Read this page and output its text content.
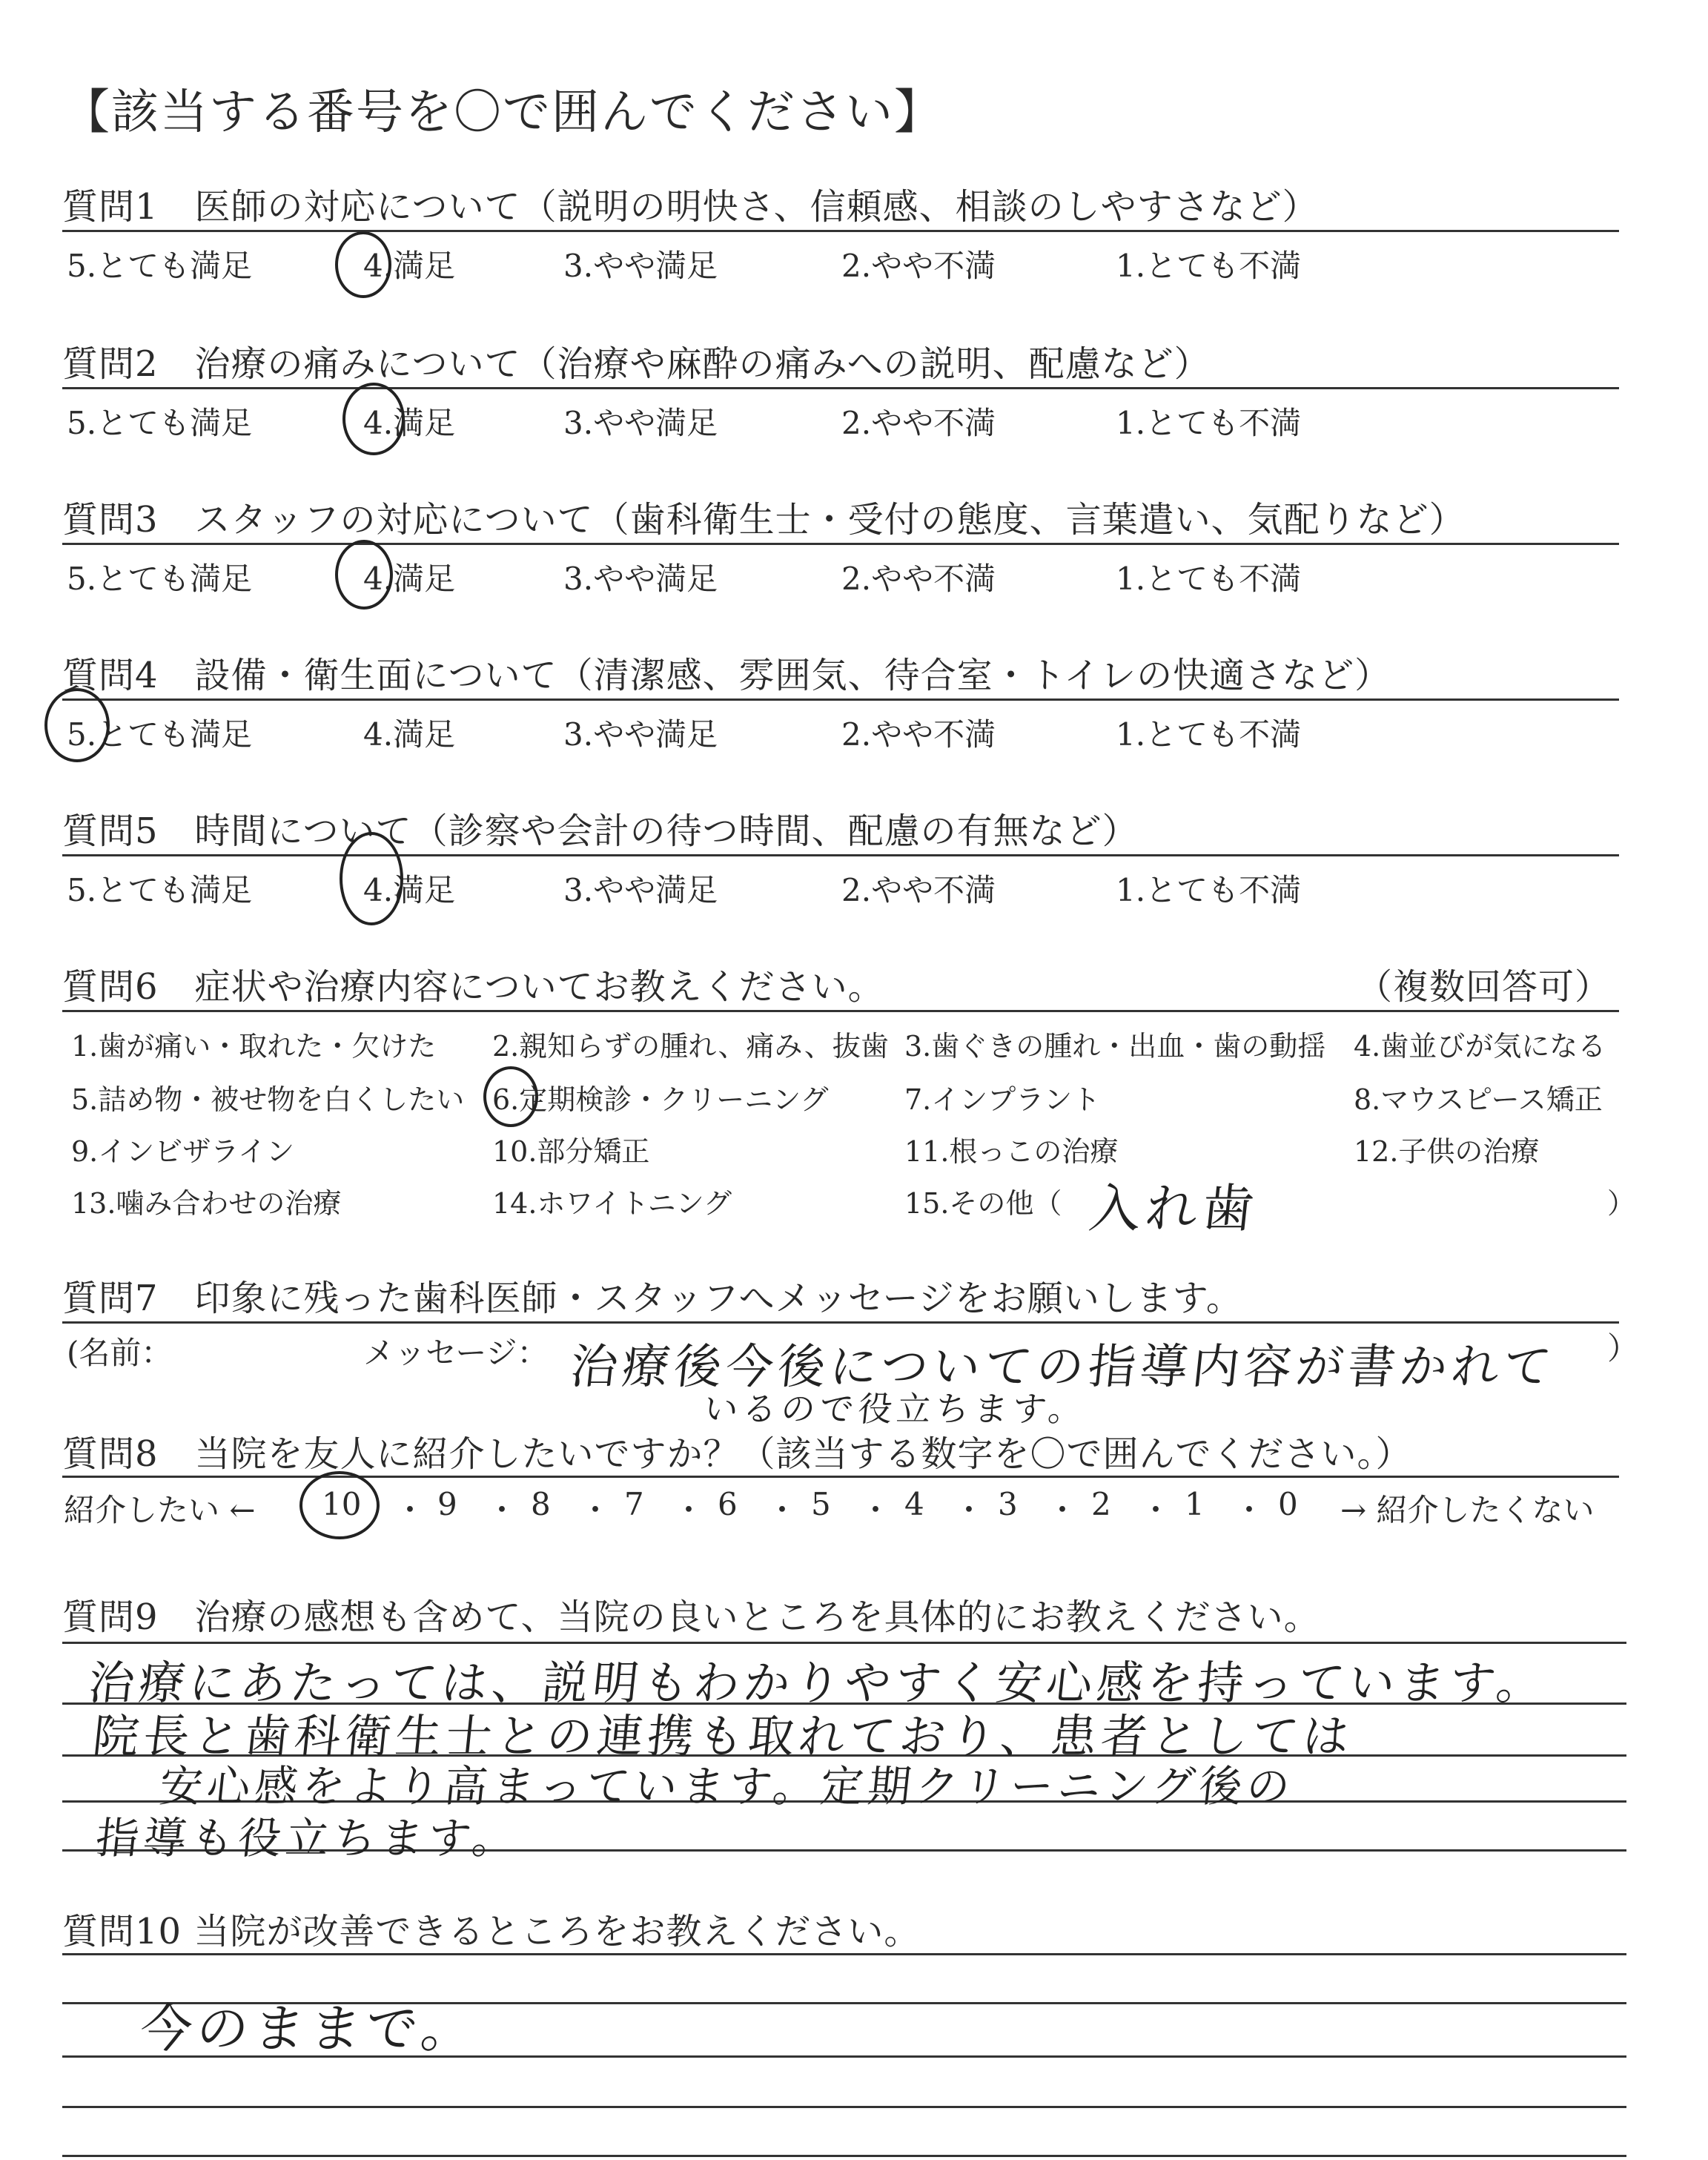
【該当する番号を〇で囲んでください】
質問1　医師の対応について（説明の明快さ、信頼感、相談のしやすさなど）
5.とても満足	4.満足	3.やや満足	2.やや不満	1.とても不満
質問2　治療の痛みについて（治療や麻酔の痛みへの説明、配慮など）
5.とても満足	4.満足	3.やや満足	2.やや不満	1.とても不満
質問3　スタッフの対応について（歯科衛生士・受付の態度、言葉遣い、気配りなど）
5.とても満足	4.満足	3.やや満足	2.やや不満	1.とても不満
質問4　設備・衛生面について（清潔感、雰囲気、待合室・トイレの快適さなど）
5.とても満足	4.満足	3.やや満足	2.やや不満	1.とても不満
質問5　時間について（診察や会計の待つ時間、配慮の有無など）
5.とても満足	4.満足	3.やや満足	2.やや不満	1.とても不満
質問6　症状や治療内容についてお教えください。	（複数回答可）
1.歯が痛い・取れた・欠けた 2.親知らずの腫れ、痛み、抜歯 3.歯ぐきの腫れ・出血・歯の動揺 4.歯並びが気になる
5.詰め物・被せ物を白くしたい 6.定期検診・クリーニング	7.インプラント	8.マウスピース矯正
9.インビザライン	10.部分矯正	11.根っこの治療	12.子供の治療
13.噛み合わせの治療	14.ホワイトニング	15.その他（	）
入れ歯
質問7　印象に残った歯科医師・スタッフへメッセージをお願いします。
(名前：	メッセージ：	）
治療後今後についての指導内容が書かれて
いるので役立ちます。
質問8　当院を友人に紹介したいですか？（該当する数字を〇で囲んでください。）
紹介したい ← 10 ・ 9 ・ 8 ・ 7 ・ 6 ・ 5 ・ 4 ・ 3 ・ 2 ・ 1 ・ 0 → 紹介したくない
質問9　治療の感想も含めて、当院の良いところを具体的にお教えください。
治療にあたっては、説明もわかりやすく安心感を持っています。
院長と歯科衛生士との連携も取れており、患者としては
安心感をより高まっています。定期クリーニング後の
指導も役立ちます。
質問10 当院が改善できるところをお教えください。
今のままで。
